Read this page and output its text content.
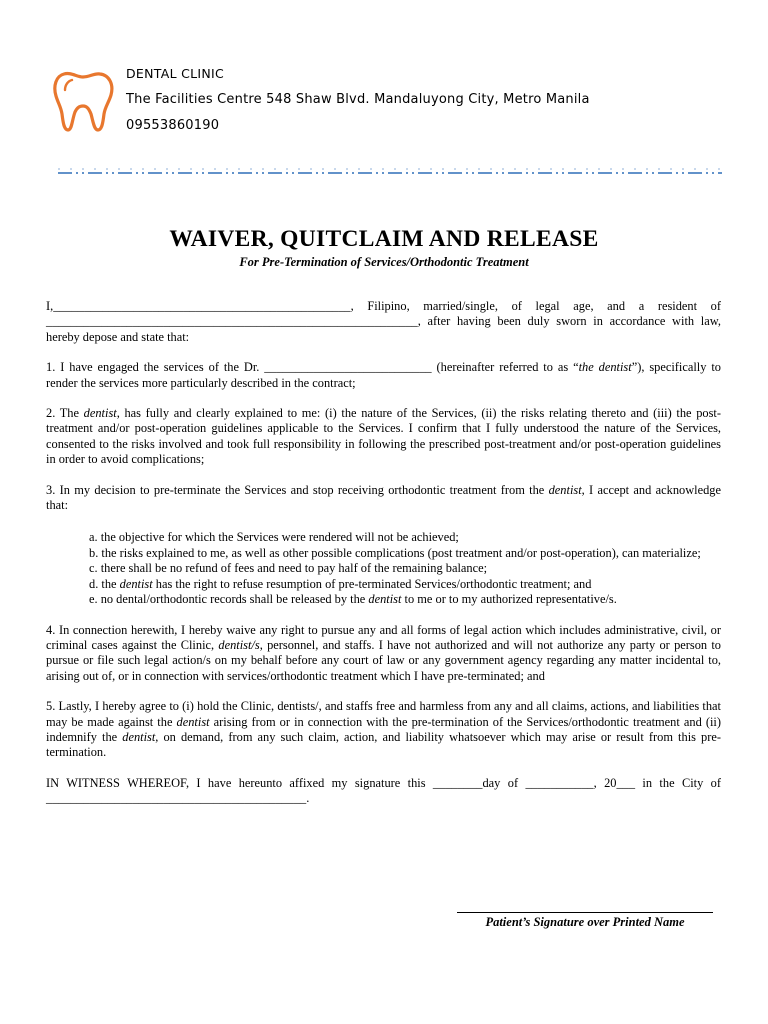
DENTAL CLINIC
The Facilities Centre 548 Shaw Blvd. Mandaluyong City, Metro Manila
09553860190
WAIVER, QUITCLAIM AND RELEASE
For Pre-Termination of Services/Orthodontic Treatment

I,________________________________________________, Filipino, married/single, of legal age, and a resident of ____________________________________________________________, after having been duly sworn in accordance with law, hereby depose and state that:

1. I have engaged the services of the Dr. ___________________________ (hereinafter referred to as “the dentist”), specifically to render the services more particularly described in the contract;

2. The dentist, has fully and clearly explained to me: (i) the nature of the Services, (ii) the risks relating thereto and (iii) the post-treatment and/or post-operation guidelines applicable to the Services. I confirm that I fully understood the nature of the Services, consented to the risks involved and took full responsibility in following the prescribed post-treatment and/or post-operation guidelines in order to avoid complications;

3. In my decision to pre-terminate the Services and stop receiving orthodontic treatment from the dentist, I accept and acknowledge that:

a. the objective for which the Services were rendered will not be achieved;

b. the risks explained to me, as well as other possible complications (post treatment and/or post-operation), can materialize;

c. there shall be no refund of fees and need to pay half of the remaining balance;

d. the dentist has the right to refuse resumption of pre-terminated Services/orthodontic treatment; and

e. no dental/orthodontic records shall be released by the dentist to me or to my authorized representative/s.

4. In connection herewith, I hereby waive any right to pursue any and all forms of legal action which includes administrative, civil, or criminal cases against the Clinic, dentist/s, personnel, and staffs. I have not authorized and will not authorize any party or person to pursue or file such legal action/s on my behalf before any court of law or any government agency regarding any matter incidental to, arising out of, or in connection with services/orthodontic treatment which I have pre-terminated; and

5. Lastly, I hereby agree to (i) hold the Clinic, dentists/, and staffs free and harmless from any and all claims, actions, and liabilities that may be made against the dentist arising from or in connection with the pre-termination of the Services/orthodontic treatment and (ii) indemnify the dentist, on demand, from any such claim, action, and liability whatsoever which may arise or result from this pre-termination.

IN WITNESS WHEREOF, I have hereunto affixed my signature this ________day of ___________, 20___ in the City of __________________________________________.

Patient’s Signature over Printed Name
